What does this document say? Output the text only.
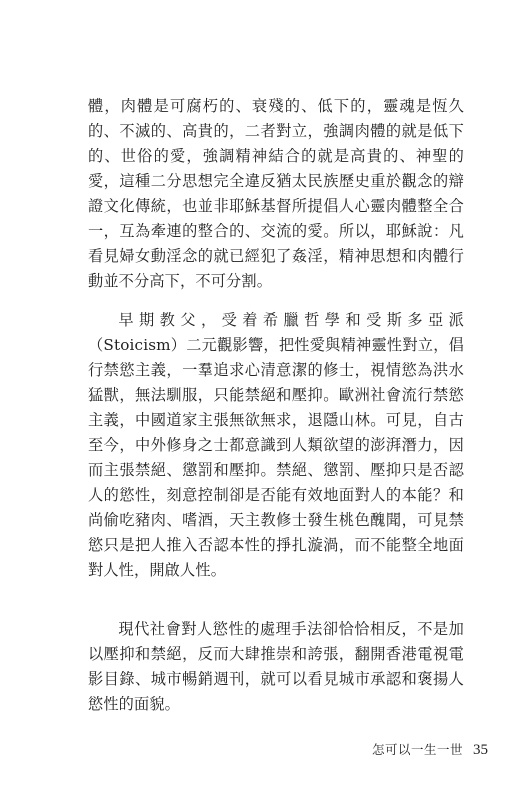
體，肉體是可腐朽的、衰殘的、低下的，靈魂是恆久的、不滅的、高貴的，二者對立，強調肉體的就是低下的、世俗的愛，強調精神結合的就是高貴的、神聖的愛，這種二分思想完全違反猶太民族歷史重於觀念的辯證文化傳統，也並非耶穌基督所提倡人心靈肉體整全合一，互為牽連的整合的、交流的愛。所以，耶穌說：凡看見婦女動淫念的就已經犯了姦淫，精神思想和肉體行動並不分高下，不可分割。

早期教父，受着希臘哲學和受斯多亞派（Stoicism）二元觀影響，把性愛與精神靈性對立，倡行禁慾主義，一羣追求心清意潔的修士，視情慾為洪水猛獸，無法馴服，只能禁絕和壓抑。歐洲社會流行禁慾主義，中國道家主張無欲無求，退隱山林。可見，自古至今，中外修身之士都意識到人類欲望的澎湃潛力，因而主張禁絕、懲罰和壓抑。禁絕、懲罰、壓抑只是否認人的慾性，刻意控制卻是否能有效地面對人的本能？和尚偷吃豬肉、嗜酒，天主教修士發生桃色醜聞，可見禁慾只是把人推入否認本性的掙扎漩渦，而不能整全地面對人性，開啟人性。

現代社會對人慾性的處理手法卻恰恰相反，不是加以壓抑和禁絕，反而大肆推崇和誇張，翻開香港電視電影目錄、城市暢銷週刊，就可以看見城市承認和褒揚人慾性的面貌。

怎可以一生一世 35
